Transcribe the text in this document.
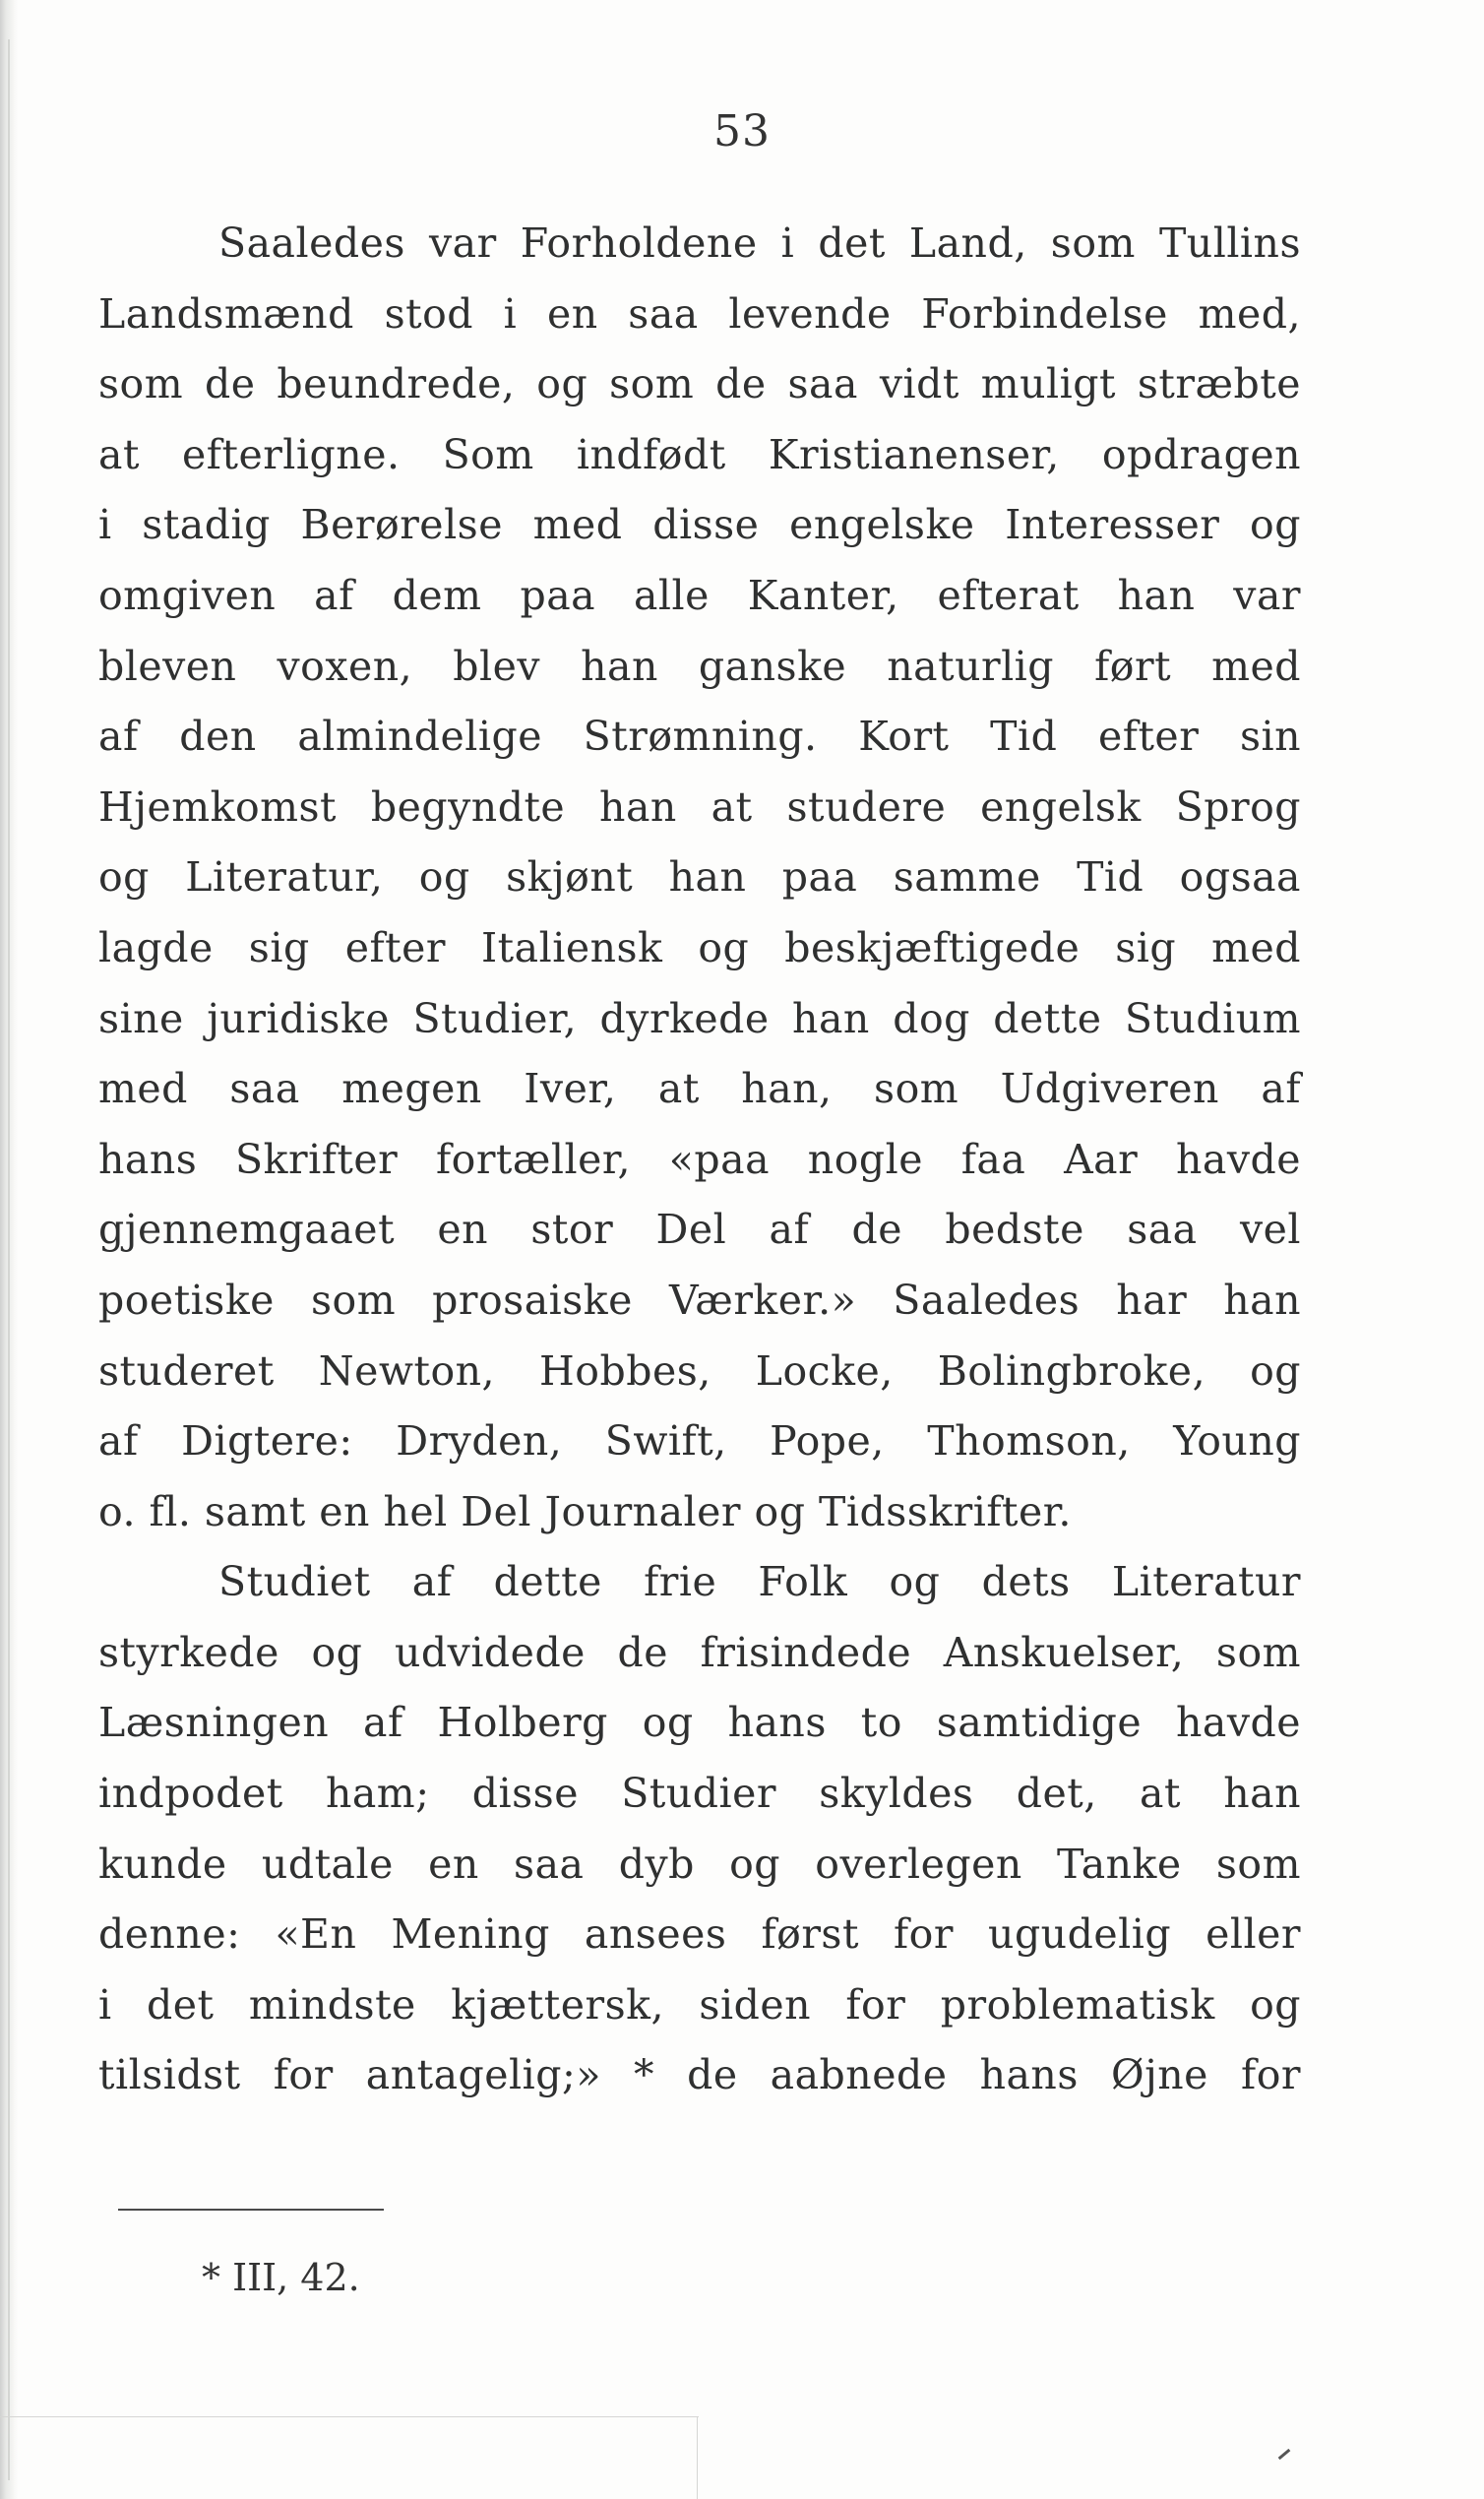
53
Saaledes var Forholdene i det Land, som Tullins
Landsmænd stod i en saa levende Forbindelse med,
som de beundrede, og som de saa vidt muligt stræbte
at efterligne. Som indfødt Kristianenser, opdragen
i stadig Berørelse med disse engelske Interesser og
omgiven af dem paa alle Kanter, efterat han var
bleven voxen, blev han ganske naturlig ført med
af den almindelige Strømning. Kort Tid efter sin
Hjemkomst begyndte han at studere engelsk Sprog
og Literatur, og skjønt han paa samme Tid ogsaa
lagde sig efter Italiensk og beskjæftigede sig med
sine juridiske Studier, dyrkede han dog dette Studium
med saa megen Iver, at han, som Udgiveren af
hans Skrifter fortæller, «paa nogle faa Aar havde
gjennemgaaet en stor Del af de bedste saa vel
poetiske som prosaiske Værker.» Saaledes har han
studeret Newton, Hobbes, Locke, Bolingbroke, og
af Digtere: Dryden, Swift, Pope, Thomson, Young
o. fl. samt en hel Del Journaler og Tidsskrifter.
Studiet af dette frie Folk og dets Literatur
styrkede og udvidede de frisindede Anskuelser, som
Læsningen af Holberg og hans to samtidige havde
indpodet ham; disse Studier skyldes det, at han
kunde udtale en saa dyb og overlegen Tanke som
denne: «En Mening ansees først for ugudelig eller
i det mindste kjættersk, siden for problematisk og
tilsidst for antagelig;» * de aabnede hans Øjne for
* III, 42.
